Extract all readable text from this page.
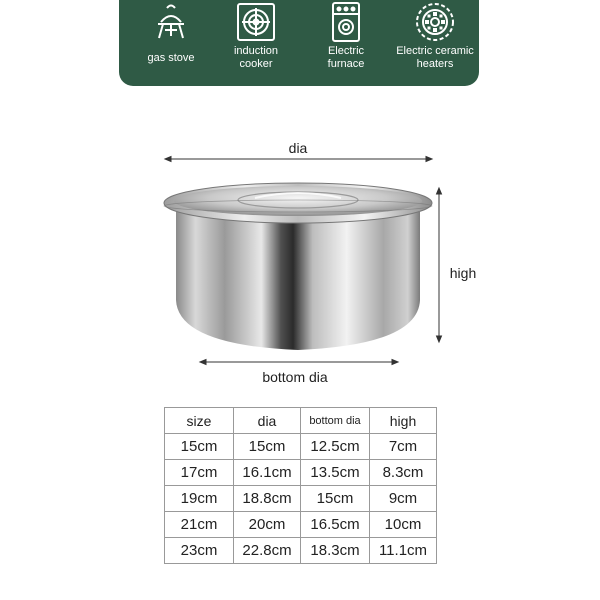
gas stove
induction
cooker
Electric
furnace
Electric ceramic
heaters
dia
high
bottom dia
size	dia	bottom dia	high
15cm	15cm	12.5cm	7cm
17cm	16.1cm	13.5cm	8.3cm
19cm	18.8cm	15cm	9cm
21cm	20cm	16.5cm	10cm
23cm	22.8cm	18.3cm	11.1cm
